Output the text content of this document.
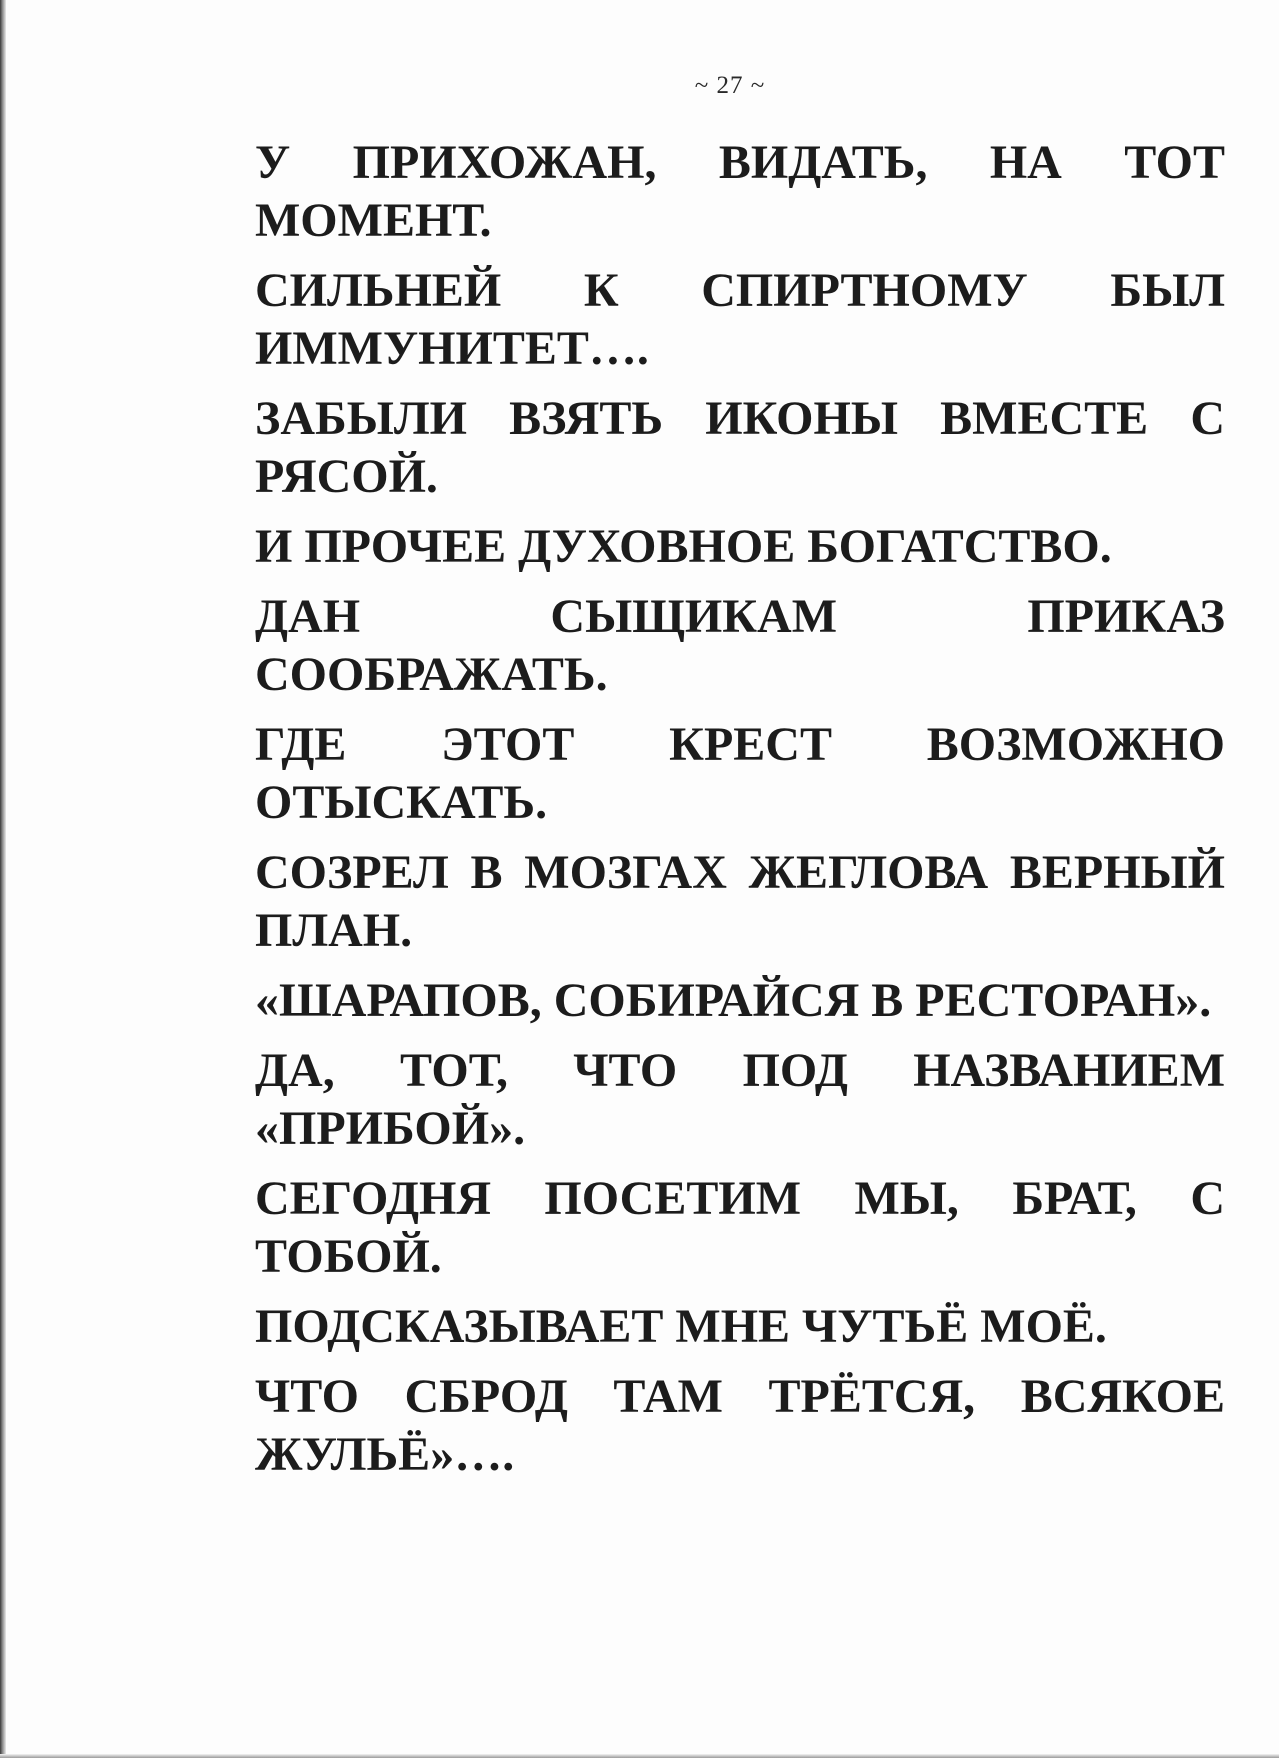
~ 27 ~

У ПРИХОЖАН, ВИДАТЬ, НА ТОТ МОМЕНТ.

СИЛЬНЕЙ К СПИРТНОМУ БЫЛ ИММУНИТЕТ….

ЗАБЫЛИ ВЗЯТЬ ИКОНЫ ВМЕСТЕ С РЯСОЙ.

И ПРОЧЕЕ ДУХОВНОЕ БОГАТСТВО.

ДАН СЫЩИКАМ ПРИКАЗ СООБРАЖАТЬ.

ГДЕ ЭТОТ КРЕСТ ВОЗМОЖНО ОТЫСКАТЬ.

СОЗРЕЛ В МОЗГАХ ЖЕГЛОВА ВЕРНЫЙ ПЛАН.

«ШАРАПОВ, СОБИРАЙСЯ В РЕСТОРАН».

ДА, ТОТ, ЧТО ПОД НАЗВАНИЕМ «ПРИБОЙ».

СЕГОДНЯ ПОСЕТИМ МЫ, БРАТ, С ТОБОЙ.

ПОДСКАЗЫВАЕТ МНЕ ЧУТЬЁ МОЁ.

ЧТО СБРОД ТАМ ТРЁТСЯ, ВСЯКОЕ ЖУЛЬЁ»….
